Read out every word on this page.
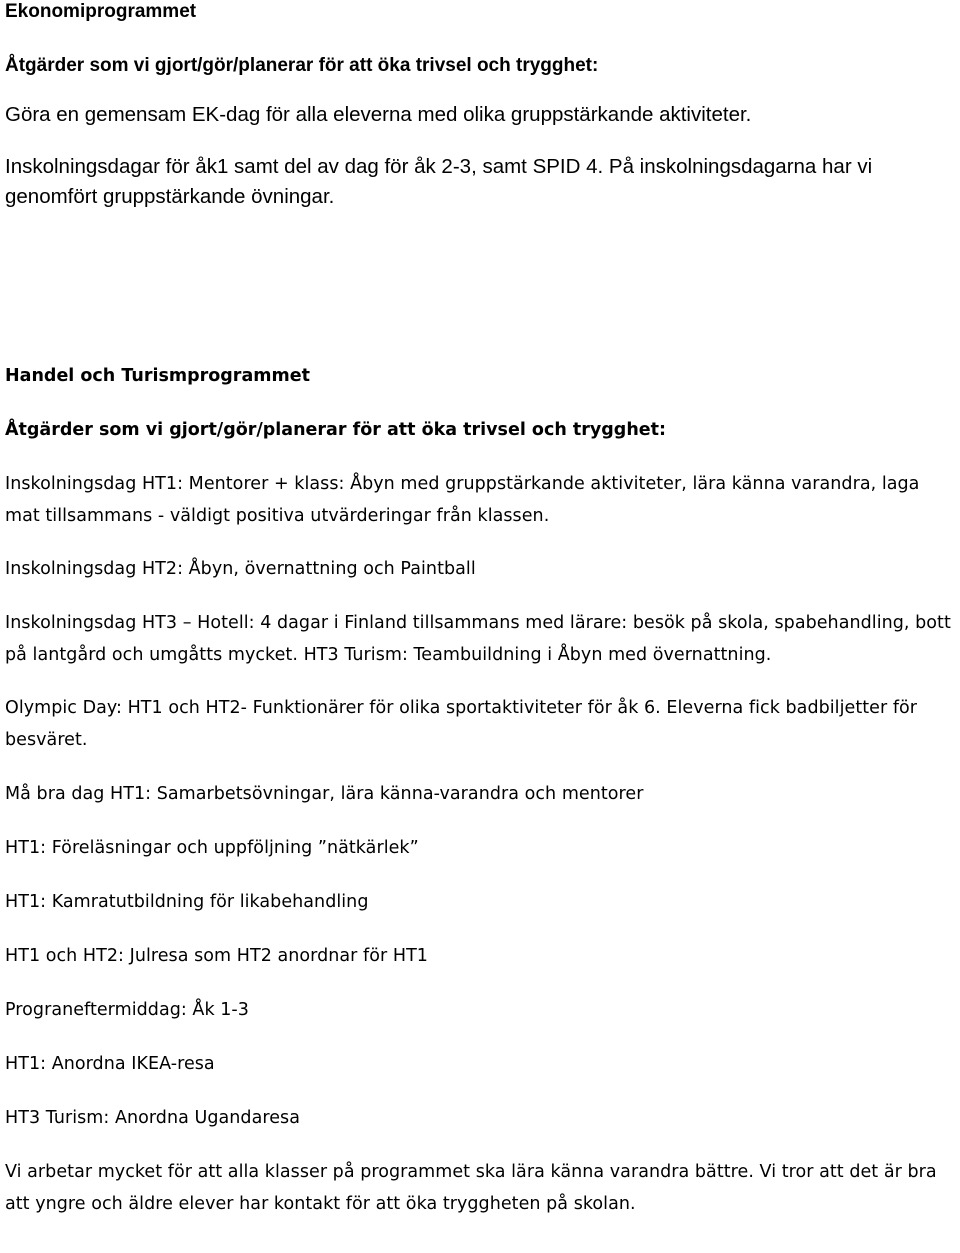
Ekonomiprogrammet

Åtgärder som vi gjort/gör/planerar för att öka trivsel och trygghet:

Göra en gemensam EK-dag för alla eleverna med olika gruppstärkande aktiviteter.

Inskolningsdagar för åk1 samt del av dag för åk 2-3, samt SPID 4. På inskolningsdagarna har vi genomfört gruppstärkande övningar.

Handel och Turismprogrammet

Åtgärder som vi gjort/gör/planerar för att öka trivsel och trygghet:

Inskolningsdag HT1: Mentorer + klass: Åbyn med gruppstärkande aktiviteter, lära känna varandra, laga mat tillsammans - väldigt positiva utvärderingar från klassen.

Inskolningsdag HT2: Åbyn, övernattning och Paintball

Inskolningsdag HT3 – Hotell: 4 dagar i Finland tillsammans med lärare: besök på skola, spabehandling, bott på lantgård och umgåtts mycket. HT3 Turism: Teambuildning i Åbyn med övernattning.

Olympic Day: HT1 och HT2- Funktionärer för olika sportaktiviteter för åk 6. Eleverna fick badbiljetter för besväret.

Må bra dag HT1: Samarbetsövningar, lära känna-varandra och mentorer

HT1: Föreläsningar och uppföljning ”nätkärlek”

HT1: Kamratutbildning för likabehandling

HT1 och HT2: Julresa som HT2 anordnar för HT1

Prograneftermiddag: Åk 1-3

HT1: Anordna IKEA-resa

HT3 Turism: Anordna Ugandaresa

Vi arbetar mycket för att alla klasser på programmet ska lära känna varandra bättre. Vi tror att det är bra att yngre och äldre elever har kontakt för att öka tryggheten på skolan.
